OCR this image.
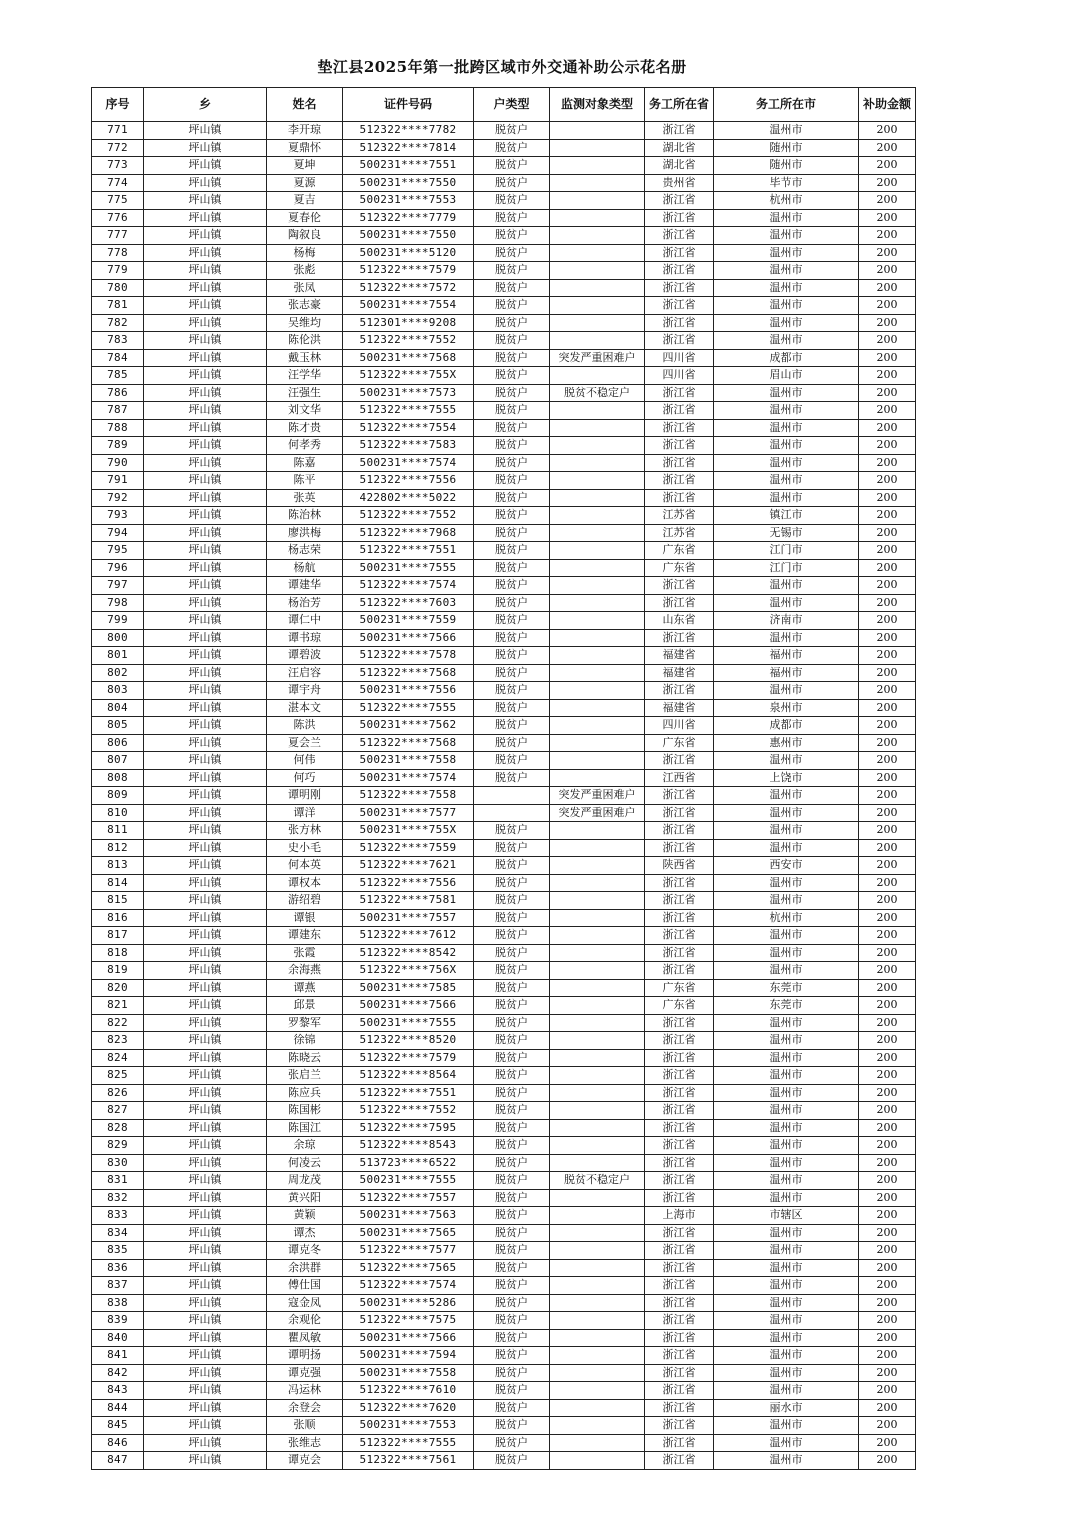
垫江县2025年第一批跨区域市外交通补助公示花名册
序号	乡	姓名	证件号码	户类型	监测对象类型	务工所在省	务工所在市	补助金额
771	坪山镇	李开琼	512322****7782	脱贫户		浙江省	温州市	200
772	坪山镇	夏鼎怀	512322****7814	脱贫户		湖北省	随州市	200
773	坪山镇	夏坤	500231****7551	脱贫户		湖北省	随州市	200
774	坪山镇	夏源	500231****7550	脱贫户		贵州省	毕节市	200
775	坪山镇	夏吉	500231****7553	脱贫户		浙江省	杭州市	200
776	坪山镇	夏春伦	512322****7779	脱贫户		浙江省	温州市	200
777	坪山镇	陶叙良	500231****7550	脱贫户		浙江省	温州市	200
778	坪山镇	杨梅	500231****5120	脱贫户		浙江省	温州市	200
779	坪山镇	张彪	512322****7579	脱贫户		浙江省	温州市	200
780	坪山镇	张凤	512322****7572	脱贫户		浙江省	温州市	200
781	坪山镇	张志豪	500231****7554	脱贫户		浙江省	温州市	200
782	坪山镇	吴维均	512301****9208	脱贫户		浙江省	温州市	200
783	坪山镇	陈伦洪	512322****7552	脱贫户		浙江省	温州市	200
784	坪山镇	戴玉林	500231****7568	脱贫户	突发严重困难户	四川省	成都市	200
785	坪山镇	汪学华	512322****755X	脱贫户		四川省	眉山市	200
786	坪山镇	汪强生	500231****7573	脱贫户	脱贫不稳定户	浙江省	温州市	200
787	坪山镇	刘文华	512322****7555	脱贫户		浙江省	温州市	200
788	坪山镇	陈才贵	512322****7554	脱贫户		浙江省	温州市	200
789	坪山镇	何孝秀	512322****7583	脱贫户		浙江省	温州市	200
790	坪山镇	陈嘉	500231****7574	脱贫户		浙江省	温州市	200
791	坪山镇	陈平	512322****7556	脱贫户		浙江省	温州市	200
792	坪山镇	张英	422802****5022	脱贫户		浙江省	温州市	200
793	坪山镇	陈治林	512322****7552	脱贫户		江苏省	镇江市	200
794	坪山镇	廖洪梅	512322****7968	脱贫户		江苏省	无锡市	200
795	坪山镇	杨志荣	512322****7551	脱贫户		广东省	江门市	200
796	坪山镇	杨航	500231****7555	脱贫户		广东省	江门市	200
797	坪山镇	谭建华	512322****7574	脱贫户		浙江省	温州市	200
798	坪山镇	杨治芳	512322****7603	脱贫户		浙江省	温州市	200
799	坪山镇	谭仁中	500231****7559	脱贫户		山东省	济南市	200
800	坪山镇	谭书琼	500231****7566	脱贫户		浙江省	温州市	200
801	坪山镇	谭碧波	512322****7578	脱贫户		福建省	福州市	200
802	坪山镇	汪启容	512322****7568	脱贫户		福建省	福州市	200
803	坪山镇	谭宇舟	500231****7556	脱贫户		浙江省	温州市	200
804	坪山镇	湛本文	512322****7555	脱贫户		福建省	泉州市	200
805	坪山镇	陈洪	500231****7562	脱贫户		四川省	成都市	200
806	坪山镇	夏会兰	512322****7568	脱贫户		广东省	惠州市	200
807	坪山镇	何伟	500231****7558	脱贫户		浙江省	温州市	200
808	坪山镇	何巧	500231****7574	脱贫户		江西省	上饶市	200
809	坪山镇	谭明刚	512322****7558		突发严重困难户	浙江省	温州市	200
810	坪山镇	谭洋	500231****7577		突发严重困难户	浙江省	温州市	200
811	坪山镇	张方林	500231****755X	脱贫户		浙江省	温州市	200
812	坪山镇	史小毛	512322****7559	脱贫户		浙江省	温州市	200
813	坪山镇	何本英	512322****7621	脱贫户		陕西省	西安市	200
814	坪山镇	谭权本	512322****7556	脱贫户		浙江省	温州市	200
815	坪山镇	游绍碧	512322****7581	脱贫户		浙江省	温州市	200
816	坪山镇	谭银	500231****7557	脱贫户		浙江省	杭州市	200
817	坪山镇	谭建东	512322****7612	脱贫户		浙江省	温州市	200
818	坪山镇	张霞	512322****8542	脱贫户		浙江省	温州市	200
819	坪山镇	余海燕	512322****756X	脱贫户		浙江省	温州市	200
820	坪山镇	谭燕	500231****7585	脱贫户		广东省	东莞市	200
821	坪山镇	邱景	500231****7566	脱贫户		广东省	东莞市	200
822	坪山镇	罗黎军	500231****7555	脱贫户		浙江省	温州市	200
823	坪山镇	徐锦	512322****8520	脱贫户		浙江省	温州市	200
824	坪山镇	陈晓云	512322****7579	脱贫户		浙江省	温州市	200
825	坪山镇	张启兰	512322****8564	脱贫户		浙江省	温州市	200
826	坪山镇	陈应兵	512322****7551	脱贫户		浙江省	温州市	200
827	坪山镇	陈国彬	512322****7552	脱贫户		浙江省	温州市	200
828	坪山镇	陈国江	512322****7595	脱贫户		浙江省	温州市	200
829	坪山镇	余琼	512322****8543	脱贫户		浙江省	温州市	200
830	坪山镇	何凌云	513723****6522	脱贫户		浙江省	温州市	200
831	坪山镇	周龙茂	500231****7555	脱贫户	脱贫不稳定户	浙江省	温州市	200
832	坪山镇	黄兴阳	512322****7557	脱贫户		浙江省	温州市	200
833	坪山镇	黄颖	500231****7563	脱贫户		上海市	市辖区	200
834	坪山镇	谭杰	500231****7565	脱贫户		浙江省	温州市	200
835	坪山镇	谭克冬	512322****7577	脱贫户		浙江省	温州市	200
836	坪山镇	余洪群	512322****7565	脱贫户		浙江省	温州市	200
837	坪山镇	傅仕国	512322****7574	脱贫户		浙江省	温州市	200
838	坪山镇	寇金凤	500231****5286	脱贫户		浙江省	温州市	200
839	坪山镇	余观伦	512322****7575	脱贫户		浙江省	温州市	200
840	坪山镇	瞿凤敏	500231****7566	脱贫户		浙江省	温州市	200
841	坪山镇	谭明扬	500231****7594	脱贫户		浙江省	温州市	200
842	坪山镇	谭克强	500231****7558	脱贫户		浙江省	温州市	200
843	坪山镇	冯运林	512322****7610	脱贫户		浙江省	温州市	200
844	坪山镇	余登会	512322****7620	脱贫户		浙江省	丽水市	200
845	坪山镇	张顺	500231****7553	脱贫户		浙江省	温州市	200
846	坪山镇	张维志	512322****7555	脱贫户		浙江省	温州市	200
847	坪山镇	谭克会	512322****7561	脱贫户		浙江省	温州市	200
